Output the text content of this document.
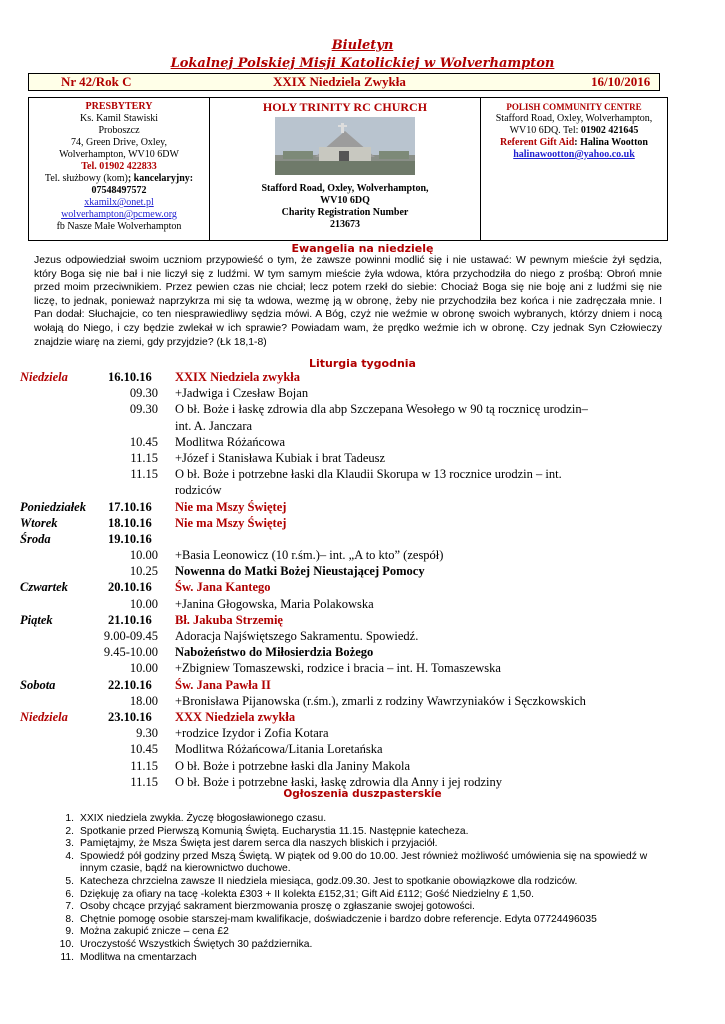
Biuletyn
Lokalnej Polskiej Misji Katolickiej w Wolverhampton
Nr 42/Rok C	XXIX Niedziela Zwykła	16/10/2016
PRESBYTERY
Ks. Kamil Stawiski
Proboszcz
74, Green Drive, Oxley,
Wolverhampton, WV10 6DW
Tel. 01902 422833
Tel. służbowy (kom); kancelaryjny:
07548497572
xkamilx@onet.pl
wolverhampton@pcmew.org
fb Nasze Małe Wolverhampton
HOLY TRINITY RC CHURCH
Stafford Road, Oxley, Wolverhampton,
WV10 6DQ
Charity Registration Number
213673
POLISH COMMUNITY CENTRE
Stafford Road, Oxley, Wolverhampton,
WV10 6DQ. Tel: 01902 421645
Referent Gift Aid: Halina Wootton
halinawootton@yahoo.co.uk
Ewangelia na niedzielę
Jezus odpowiedział swoim uczniom przypowieść o tym, że zawsze powinni modlić się i nie ustawać: W pewnym mieście żył sędzia, który Boga się nie bał i nie liczył się z ludźmi. W tym samym mieście żyła wdowa, która przychodziła do niego z prośbą: Obroń mnie przed moim przeciwnikiem. Przez pewien czas nie chciał; lecz potem rzekł do siebie: Chociaż Boga się nie boję ani z ludźmi się nie liczę, to jednak, ponieważ naprzykrza mi się ta wdowa, wezmę ją w obronę, żeby nie przychodziła bez końca i nie zadręczała mnie. I Pan dodał: Słuchajcie, co ten niesprawiedliwy sędzia mówi. A Bóg, czyż nie weźmie w obronę swoich wybranych, którzy dniem i nocą wołają do Niego, i czy będzie zwlekał w ich sprawie? Powiadam wam, że prędko weźmie ich w obronę. Czy jednak Syn Człowieczy znajdzie wiarę na ziemi, gdy przyjdzie? (Łk 18,1-8)
Liturgia tygodnia
Niedziela	16.10.16 XXIX Niedziela zwykła
09.30 +Jadwiga i Czesław Bojan
09.30 O bł. Boże i łaskę zdrowia dla abp Szczepana Wesołego w 90 tą rocznicę urodzin–
int. A. Janczara
10.45 Modlitwa Różańcowa
11.15 +Józef i Stanisława Kubiak i brat Tadeusz
11.15 O bł. Boże i potrzebne łaski dla Klaudii Skorupa w 13 rocznice urodzin – int.
rodziców
Poniedziałek 17.10.16 Nie ma Mszy Świętej
Wtorek	18.10.16 Nie ma Mszy Świętej
Środa	19.10.16
10.00 +Basia Leonowicz (10 r.śm.)– int. „A to kto” (zespół)
10.25 Nowenna do Matki Bożej Nieustającej Pomocy
Czwartek	20.10.16 Św. Jana Kantego
10.00 +Janina Głogowska, Maria Polakowska
Piątek	21.10.16 Bł. Jakuba Strzemię
9.00-09.45 Adoracja Najświętszego Sakramentu. Spowiedź.
9.45-10.00 Nabożeństwo do Miłosierdzia Bożego
10.00 +Zbigniew Tomaszewski, rodzice i bracia – int. H. Tomaszewska
Sobota	22.10.16 Św. Jana Pawła II
18.00 +Bronisława Pijanowska (r.śm.), zmarli z rodziny Wawrzyniaków i Sęczkowskich
Niedziela	23.10.16 XXX Niedziela zwykła
9.30 +rodzice Izydor i Zofia Kotara
10.45 Modlitwa Różańcowa/Litania Loretańska
11.15 O bł. Boże i potrzebne łaski dla Janiny Makola
11.15 O bł. Boże i potrzebne łaski, łaskę zdrowia dla Anny i jej rodziny
Ogłoszenia duszpasterskie
1. XXIX niedziela zwykła. Życzę błogosławionego czasu.
2. Spotkanie przed Pierwszą Komunią Świętą. Eucharystia 11.15. Następnie katecheza.
3. Pamiętajmy, że Msza Święta jest darem serca dla naszych bliskich i przyjaciół.
4. Spowiedź pół godziny przed Mszą Świętą. W piątek od 9.00 do 10.00. Jest również możliwość umówienia się na spowiedź w innym czasie, bądź na kierownictwo duchowe.
5. Katecheza chrzcielna zawsze II niedziela miesiąca, godz.09.30. Jest to spotkanie obowiązkowe dla rodziców.
6. Dziękuję za ofiary na tacę -kolekta £303 + II kolekta £152,31; Gift Aid £112; Gość Niedzielny £ 1,50.
7. Osoby chcące przyjąć sakrament bierzmowania proszę o zgłaszanie swojej gotowości.
8. Chętnie pomogę osobie starszej-mam kwalifikacje, doświadczenie i bardzo dobre referencje. Edyta 07724496035
9. Można zakupić znicze – cena £2
10. Uroczystość Wszystkich Świętych 30 października.
11. Modlitwa na cmentarzach
